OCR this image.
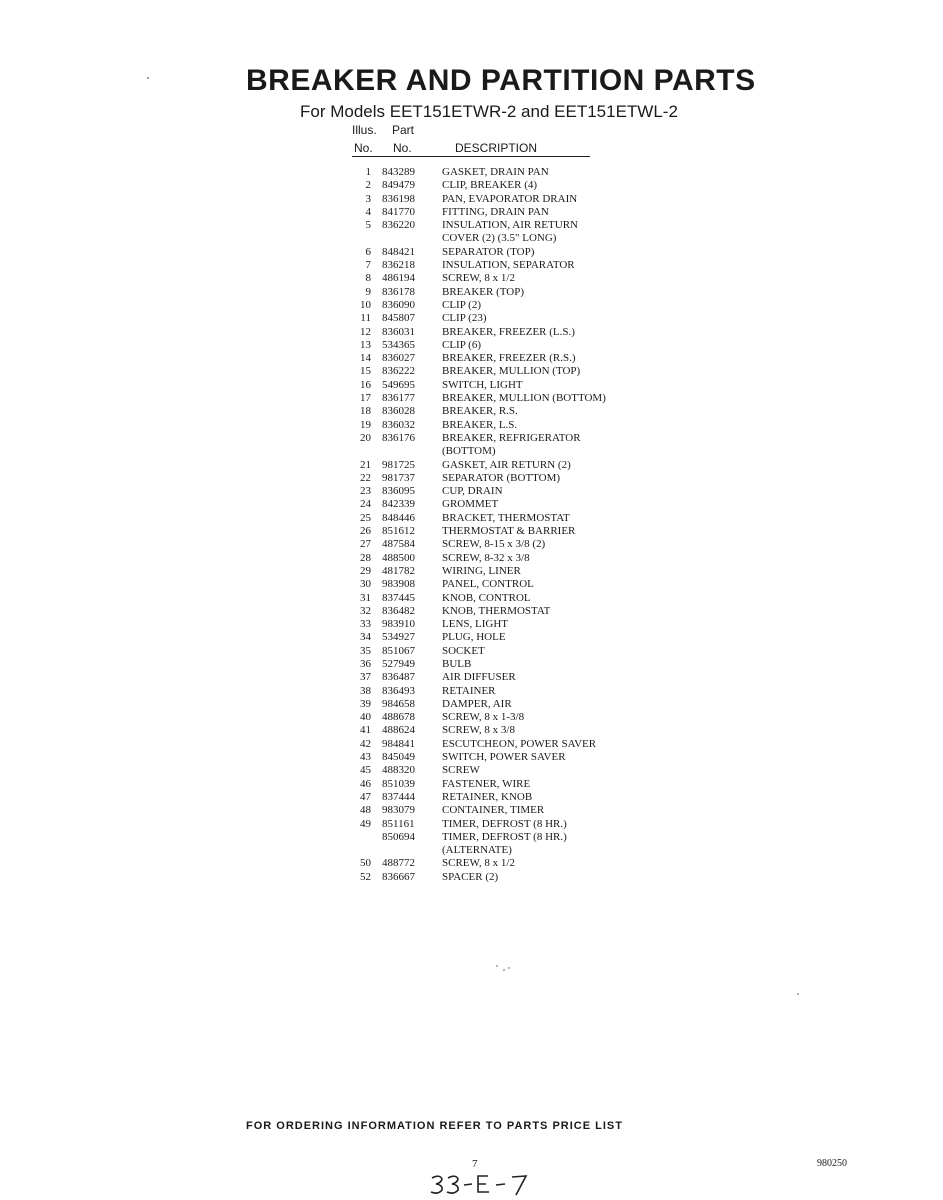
BREAKER AND PARTITION PARTS
For Models EET151ETWR-2 and EET151ETWL-2
Illus. Part
No. No.	DESCRIPTION
1	843289	GASKET, DRAIN PAN
2	849479	CLIP, BREAKER (4)
3	836198	PAN, EVAPORATOR DRAIN
4	841770	FITTING, DRAIN PAN
5	836220	INSULATION, AIR RETURN
COVER (2) (3.5" LONG)
6	848421	SEPARATOR (TOP)
7	836218	INSULATION, SEPARATOR
8	486194	SCREW, 8 x 1/2
9	836178	BREAKER (TOP)
10	836090	CLIP (2)
11	845807	CLIP (23)
12	836031	BREAKER, FREEZER (L.S.)
13	534365	CLIP (6)
14	836027	BREAKER, FREEZER (R.S.)
15	836222	BREAKER, MULLION (TOP)
16	549695	SWITCH, LIGHT
17	836177	BREAKER, MULLION (BOTTOM)
18	836028	BREAKER, R.S.
19	836032	BREAKER, L.S.
20	836176	BREAKER, REFRIGERATOR
(BOTTOM)
21	981725	GASKET, AIR RETURN (2)
22	981737	SEPARATOR (BOTTOM)
23	836095	CUP, DRAIN
24	842339	GROMMET
25	848446	BRACKET, THERMOSTAT
26	851612	THERMOSTAT & BARRIER
27	487584	SCREW, 8-15 x 3/8 (2)
28	488500	SCREW, 8-32 x 3/8
29	481782	WIRING, LINER
30	983908	PANEL, CONTROL
31	837445	KNOB, CONTROL
32	836482	KNOB, THERMOSTAT
33	983910	LENS, LIGHT
34	534927	PLUG, HOLE
35	851067	SOCKET
36	527949	BULB
37	836487	AIR DIFFUSER
38	836493	RETAINER
39	984658	DAMPER, AIR
40	488678	SCREW, 8 x 1-3/8
41	488624	SCREW, 8 x 3/8
42	984841	ESCUTCHEON, POWER SAVER
43	845049	SWITCH, POWER SAVER
45	488320	SCREW
46	851039	FASTENER, WIRE
47	837444	RETAINER, KNOB
48	983079	CONTAINER, TIMER
49	851161	TIMER, DEFROST (8 HR.)
850694	TIMER, DEFROST (8 HR.)
(ALTERNATE)
50	488772	SCREW, 8 x 1/2
52	836667	SPACER (2)
FOR ORDERING INFORMATION REFER TO PARTS PRICE LIST
7	980250
